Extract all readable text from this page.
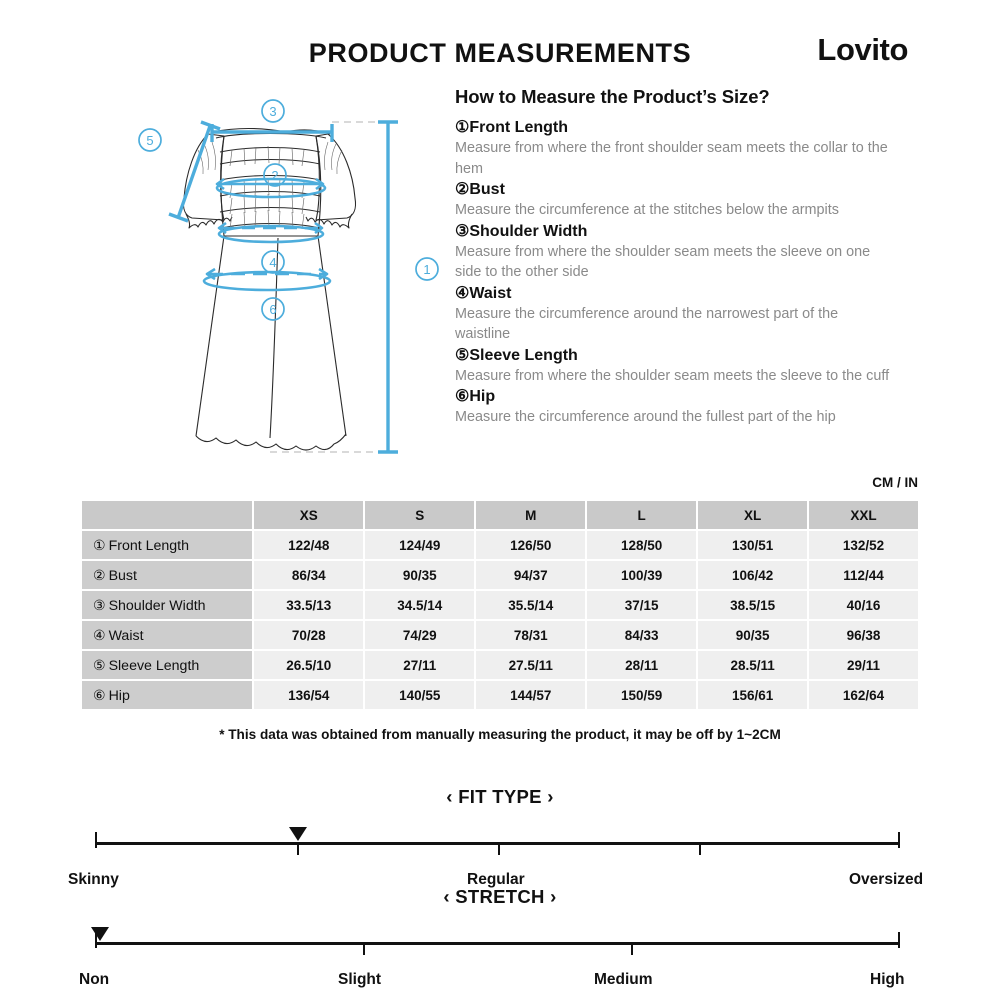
PRODUCT MEASUREMENTS	Lovito
3
5
2
4
6
1
How to Measure the Product’s Size?
①Front Length
Measure from where the front shoulder seam meets the collar to the hem
②Bust
Measure the circumference at the stitches below the armpits
③Shoulder Width
Measure from where the shoulder seam meets the sleeve on one side to the other side
④Waist
Measure the circumference around the narrowest part of the waistline
⑤Sleeve Length
Measure from where the shoulder seam meets the sleeve to the cuff
⑥Hip
Measure the circumference around the fullest part of the hip
CM / IN
	XS	S	M	L	XL	XXL
① Front Length	122/48	124/49	126/50	128/50	130/51	132/52
② Bust	86/34	90/35	94/37	100/39	106/42	112/44
③ Shoulder Width	33.5/13	34.5/14	35.5/14	37/15	38.5/15	40/16
④ Waist	70/28	74/29	78/31	84/33	90/35	96/38
⑤ Sleeve Length	26.5/10	27/11	27.5/11	28/11	28.5/11	29/11
⑥ Hip	136/54	140/55	144/57	150/59	156/61	162/64
* This data was obtained from manually measuring the product, it may be off by 1~2CM
‹ FIT TYPE ›
Skinny	Regular	Oversized
‹ STRETCH ›
Non	Slight	Medium	High
